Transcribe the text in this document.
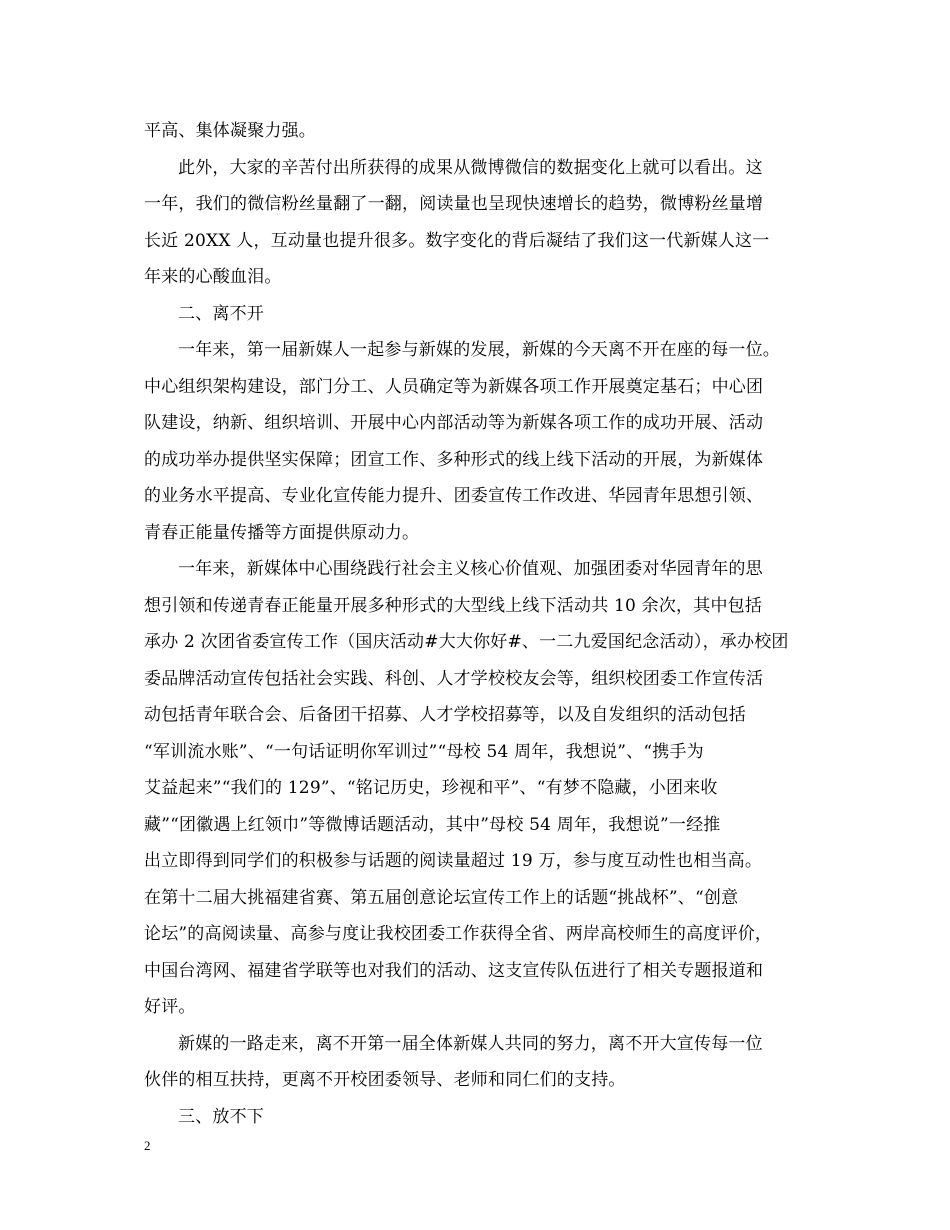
平高、集体凝聚力强。
此外，大家的辛苦付出所获得的成果从微博微信的数据变化上就可以看出。这
一年，我们的微信粉丝量翻了一翻，阅读量也呈现快速增长的趋势，微博粉丝量增
长近 20XX 人，互动量也提升很多。数字变化的背后凝结了我们这一代新媒人这一
年来的心酸血泪。
二、离不开
一年来，第一届新媒人一起参与新媒的发展，新媒的今天离不开在座的每一位。
中心组织架构建设，部门分工、人员确定等为新媒各项工作开展奠定基石；中心团
队建设，纳新、组织培训、开展中心内部活动等为新媒各项工作的成功开展、活动
的成功举办提供坚实保障；团宣工作、多种形式的线上线下活动的开展，为新媒体
的业务水平提高、专业化宣传能力提升、团委宣传工作改进、华园青年思想引领、
青春正能量传播等方面提供原动力。
一年来，新媒体中心围绕践行社会主义核心价值观、加强团委对华园青年的思
想引领和传递青春正能量开展多种形式的大型线上线下活动共 10 余次，其中包括
承办 2 次团省委宣传工作（国庆活动#大大你好#、一二九爱国纪念活动），承办校团
委品牌活动宣传包括社会实践、科创、人才学校校友会等，组织校团委工作宣传活
动包括青年联合会、后备团干招募、人才学校招募等，以及自发组织的活动包括
“军训流水账”、“一句话证明你军训过”“母校 54 周年，我想说”、“携手为
艾益起来”“我们的 129”、“铭记历史，珍视和平”、“有梦不隐藏，小团来收
藏”“团徽遇上红领巾”等微博话题活动，其中”母校 54 周年，我想说”一经推
出立即得到同学们的积极参与话题的阅读量超过 19 万，参与度互动性也相当高。
在第十二届大挑福建省赛、第五届创意论坛宣传工作上的话题“挑战杯”、“创意
论坛”的高阅读量、高参与度让我校团委工作获得全省、两岸高校师生的高度评价，
中国台湾网、福建省学联等也对我们的活动、这支宣传队伍进行了相关专题报道和
好评。
新媒的一路走来，离不开第一届全体新媒人共同的努力，离不开大宣传每一位
伙伴的相互扶持，更离不开校团委领导、老师和同仁们的支持。
三、放不下
2
